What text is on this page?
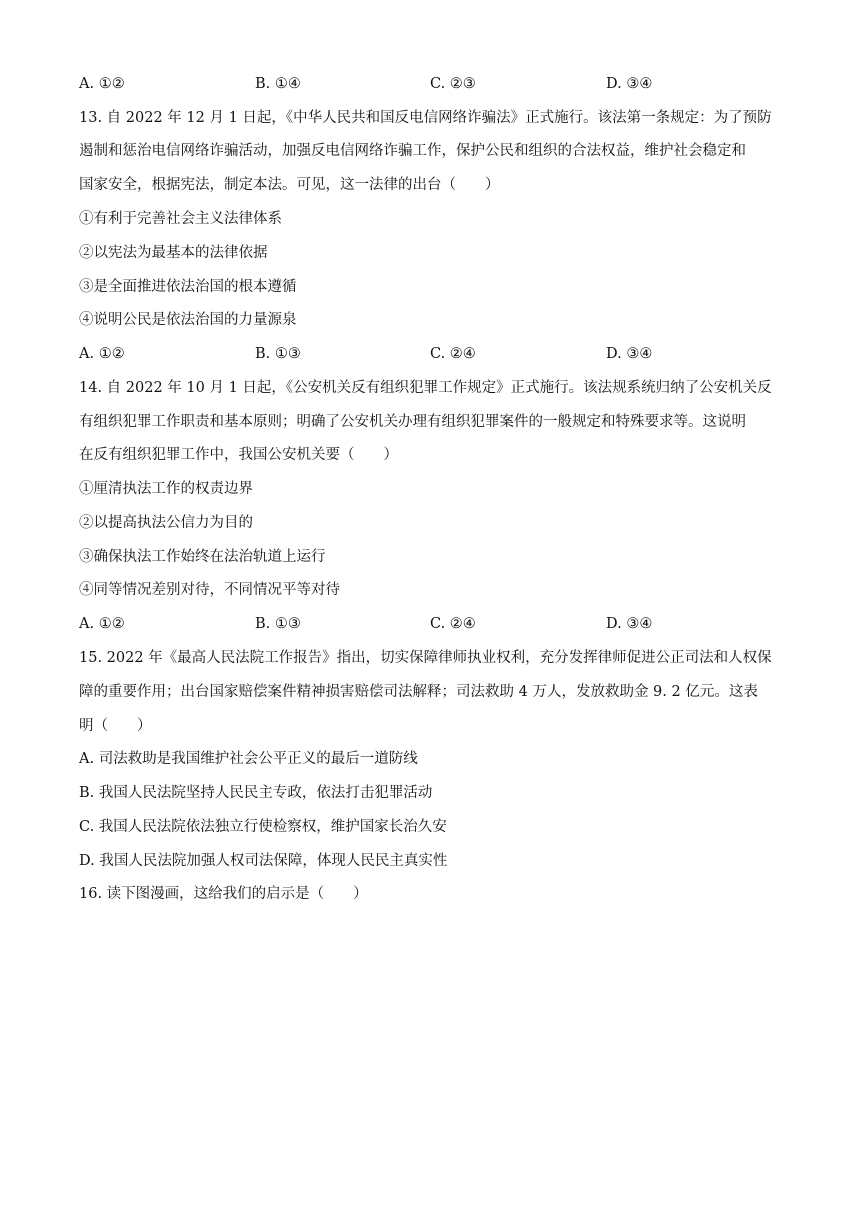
A. ①②	B. ①④	C. ②③	D. ③④
13. 自 2022 年 12 月 1 日起，《中华人民共和国反电信网络诈骗法》正式施行。该法第一条规定：为了预防
遏制和惩治电信网络诈骗活动，加强反电信网络诈骗工作，保护公民和组织的合法权益，维护社会稳定和
国家安全，根据宪法，制定本法。可见，这一法律的出台（　　）
①有利于完善社会主义法律体系
②以宪法为最基本的法律依据
③是全面推进依法治国的根本遵循
④说明公民是依法治国的力量源泉
A. ①②	B. ①③	C. ②④	D. ③④
14. 自 2022 年 10 月 1 日起，《公安机关反有组织犯罪工作规定》正式施行。该法规系统归纳了公安机关反
有组织犯罪工作职责和基本原则；明确了公安机关办理有组织犯罪案件的一般规定和特殊要求等。这说明
在反有组织犯罪工作中，我国公安机关要（　　）
①厘清执法工作的权责边界
②以提高执法公信力为目的
③确保执法工作始终在法治轨道上运行
④同等情况差别对待，不同情况平等对待
A. ①②	B. ①③	C. ②④	D. ③④
15. 2022 年《最高人民法院工作报告》指出，切实保障律师执业权利，充分发挥律师促进公正司法和人权保
障的重要作用；出台国家赔偿案件精神损害赔偿司法解释；司法救助 4 万人，发放救助金 9. 2 亿元。这表
明（　　）
A. 司法救助是我国维护社会公平正义的最后一道防线
B. 我国人民法院坚持人民民主专政，依法打击犯罪活动
C. 我国人民法院依法独立行使检察权，维护国家长治久安
D. 我国人民法院加强人权司法保障，体现人民民主真实性
16. 读下图漫画，这给我们的启示是（　　）
